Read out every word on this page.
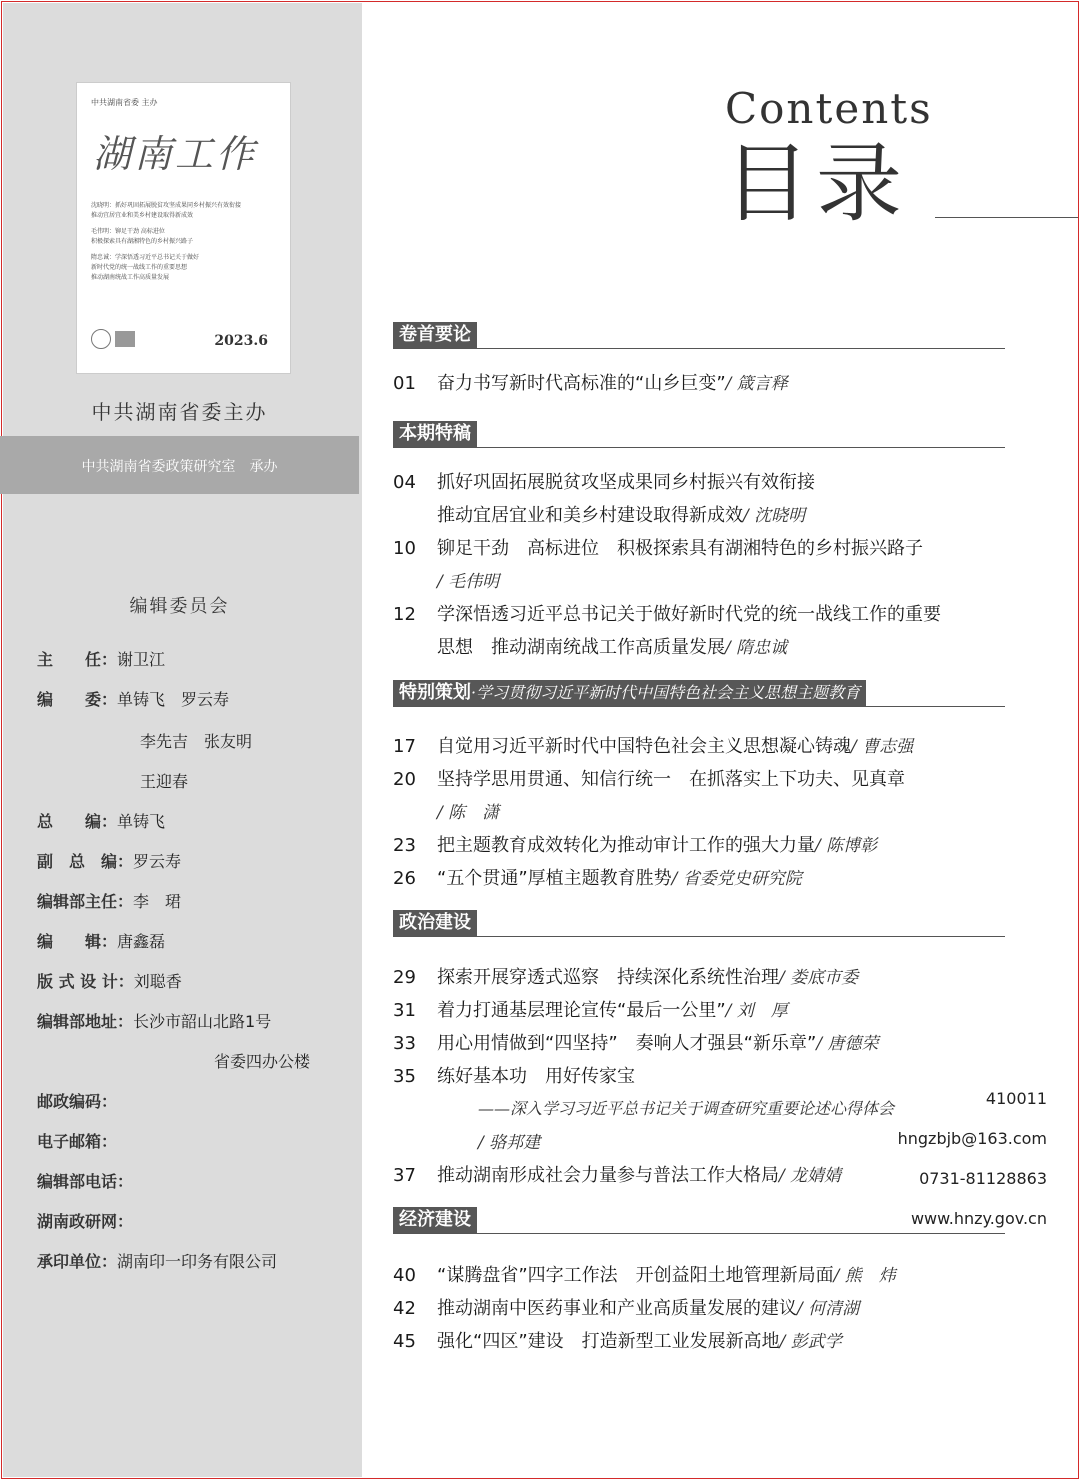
中共湖南省委 主办
湖南工作
沈晓明：抓好巩固拓展脱贫攻坚成果同乡村振兴有效衔接
推动宜居宜业和美乡村建设取得新成效
毛伟明：铆足干劲 高标进位
积极探索具有湖湘特色的乡村振兴路子
隋忠诚：学深悟透习近平总书记关于做好
新时代党的统一战线工作的重要思想
推动湖南统战工作高质量发展
2023.6
中共湖南省委主办
中共湖南省委政策研究室　承办
编辑委员会
主　　任：谢卫江
编　　委：单铸飞　罗云寿
李先吉　张友明
王迎春
总　　编：单铸飞
副　总　编：罗云寿
编辑部主任：李　珺
编　　辑：唐鑫磊
版 式 设 计：刘聪香
编辑部地址：长沙市韶山北路1号
省委四办公楼
邮政编码：	410011
电子邮箱：	hngzbjb@163.com
编辑部电话：	0731-81128863
湖南政研网：	www.hnzy.gov.cn
承印单位：湖南印一印务有限公司
Contents
目录
卷首要论
01 奋力书写新时代高标准的“山乡巨变”/ 箴言释
本期特稿
04 抓好巩固拓展脱贫攻坚成果同乡村振兴有效衔接
推动宜居宜业和美乡村建设取得新成效/ 沈晓明
10 铆足干劲　高标进位　积极探索具有湖湘特色的乡村振兴路子
/ 毛伟明
12 学深悟透习近平总书记关于做好新时代党的统一战线工作的重要
思想　推动湖南统战工作高质量发展/ 隋忠诚
特别策划·学习贯彻习近平新时代中国特色社会主义思想主题教育
17 自觉用习近平新时代中国特色社会主义思想凝心铸魂/ 曹志强
20 坚持学思用贯通、知信行统一　在抓落实上下功夫、见真章
/ 陈　潇
23 把主题教育成效转化为推动审计工作的强大力量/ 陈博彰
26 “五个贯通”厚植主题教育胜势/ 省委党史研究院
政治建设
29 探索开展穿透式巡察　持续深化系统性治理/ 娄底市委
31 着力打通基层理论宣传“最后一公里”/ 刘　厚
33 用心用情做到“四坚持”　奏响人才强县“新乐章”/ 唐德荣
35 练好基本功　用好传家宝
——深入学习习近平总书记关于调查研究重要论述心得体会
/ 骆邦建
37 推动湖南形成社会力量参与普法工作大格局/ 龙婧婧
经济建设
40 “谋腾盘省”四字工作法　开创益阳土地管理新局面/ 熊　炜
42 推动湖南中医药事业和产业高质量发展的建议/ 何清湖
45 强化“四区”建设　打造新型工业发展新高地/ 彭武学
